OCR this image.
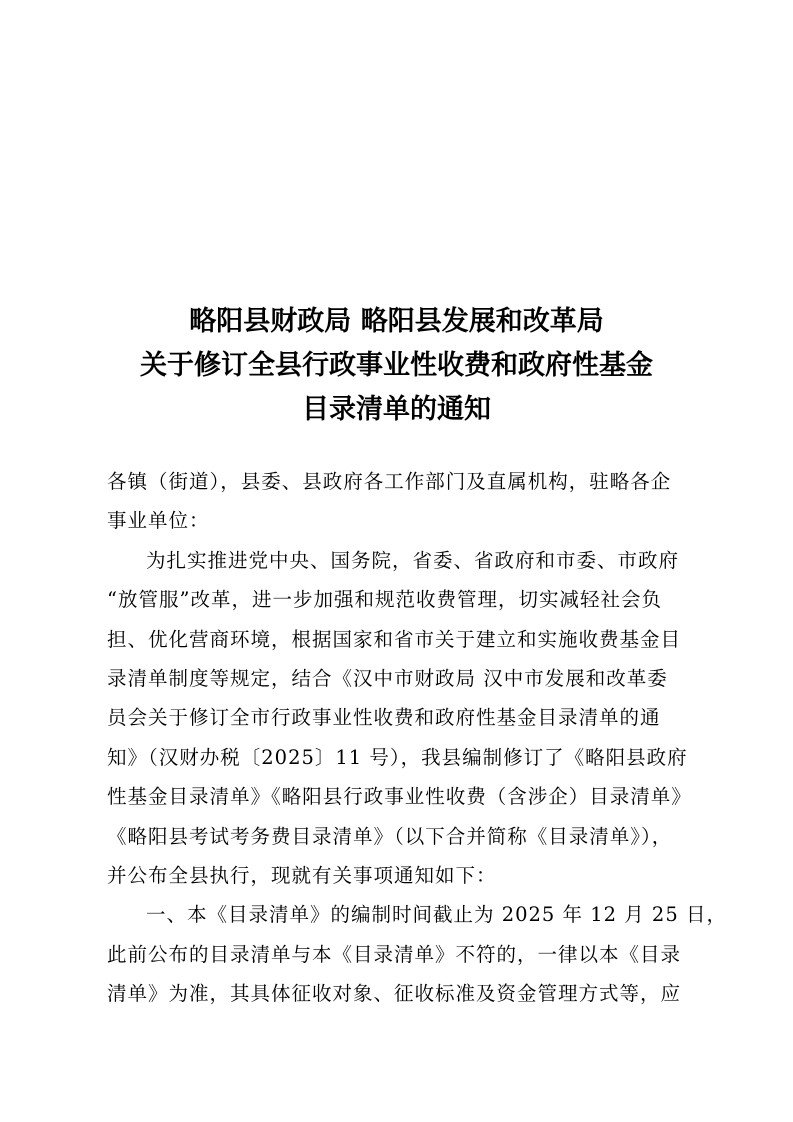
略阳县财政局 略阳县发展和改革局
关于修订全县行政事业性收费和政府性基金
目录清单的通知
各镇（街道），县委、县政府各工作部门及直属机构，驻略各企
事业单位：
为扎实推进党中央、国务院，省委、省政府和市委、市政府
“放管服”改革，进一步加强和规范收费管理，切实减轻社会负
担、优化营商环境，根据国家和省市关于建立和实施收费基金目
录清单制度等规定，结合《汉中市财政局 汉中市发展和改革委
员会关于修订全市行政事业性收费和政府性基金目录清单的通
知》（汉财办税〔2025〕11 号），我县编制修订了《略阳县政府
性基金目录清单》《略阳县行政事业性收费（含涉企）目录清单》
《略阳县考试考务费目录清单》（以下合并简称《目录清单》），
并公布全县执行，现就有关事项通知如下：
一、本《目录清单》的编制时间截止为 2025 年 12 月 25 日，
此前公布的目录清单与本《目录清单》不符的，一律以本《目录
清单》为准，其具体征收对象、征收标准及资金管理方式等，应
